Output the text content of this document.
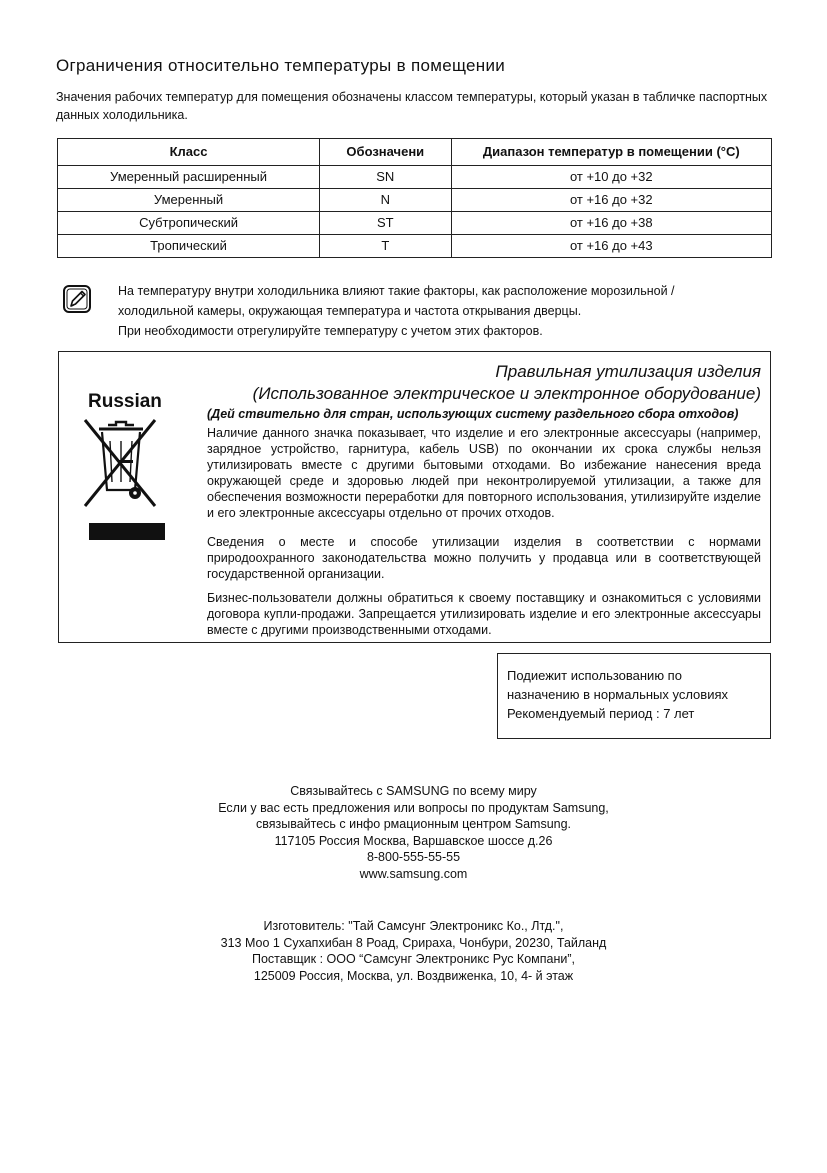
Ограничения относительно температуры в помещении
Значения рабочих температур для помещения обозначены классом температуры, который указан в табличке паспортных данных холодильника.
Класс	Обозначени	Диапазон температур в помещении (°C)
Умеренный расширенный	SN	от +10 до +32
Умеренный	N	от +16 до +32
Субтропический	ST	от +16 до +38
Тропический	T	от +16 до +43
На температуру внутри холодильника влияют такие факторы, как расположение морозильной /
холодильной камеры, окружающая температура и частота открывания дверцы.
При необходимости отрегулируйте температуру с учетом этих факторов.
Правильная утилизация изделия
(Использованное электрическое и электронное оборудование)
(Дей ствительно для стран, использующих систему раздельного сбора отходов)
Russian
Наличие данного значка показывает, что изделие и его электронные аксессуары (например, зарядное устройство, гарнитура, кабель USB) по окончании их срока службы нельзя утилизировать вместе с другими бытовыми отходами. Во избежание нанесения вреда окружающей среде и здоровью людей при неконтролируемой утилизации, а также для обеспечения возможности переработки для повторного использования, утилизируйте изделие и его электронные аксессуары отдельно от прочих отходов.
Сведения о месте и способе утилизации изделия в соответствии с нормами природоохранного законодательства можно получить у продавца или в соответствующей государственной организации.
Бизнес-пользователи должны обратиться к своему поставщику и ознакомиться с условиями договора купли-продажи. Запрещается утилизировать изделие и его электронные аксессуары вместе с другими производственными отходами.
Подиежит использованию по
назначению в нормальных условиях
Рекомендуемый период : 7 лет
Связывайтесь с SAMSUNG по всему миру
Если у вас есть предложения или вопросы по продуктам Samsung,
связывайтесь с инфо рмационным центром Samsung.
117105 Россия Москва, Варшавское шоссе д.26
8-800-555-55-55
www.samsung.com
Изготовитель: "Тай Самсунг Электроникс Ко., Лтд.",
313 Моо 1 Сухапхибан 8 Роад, Срираха, Чонбури, 20230, Тайланд
Поставщик : ООО “Самсунг Электроникс Рус Компани”,
125009 Россия, Москва, ул. Воздвиженка, 10, 4- й этаж
